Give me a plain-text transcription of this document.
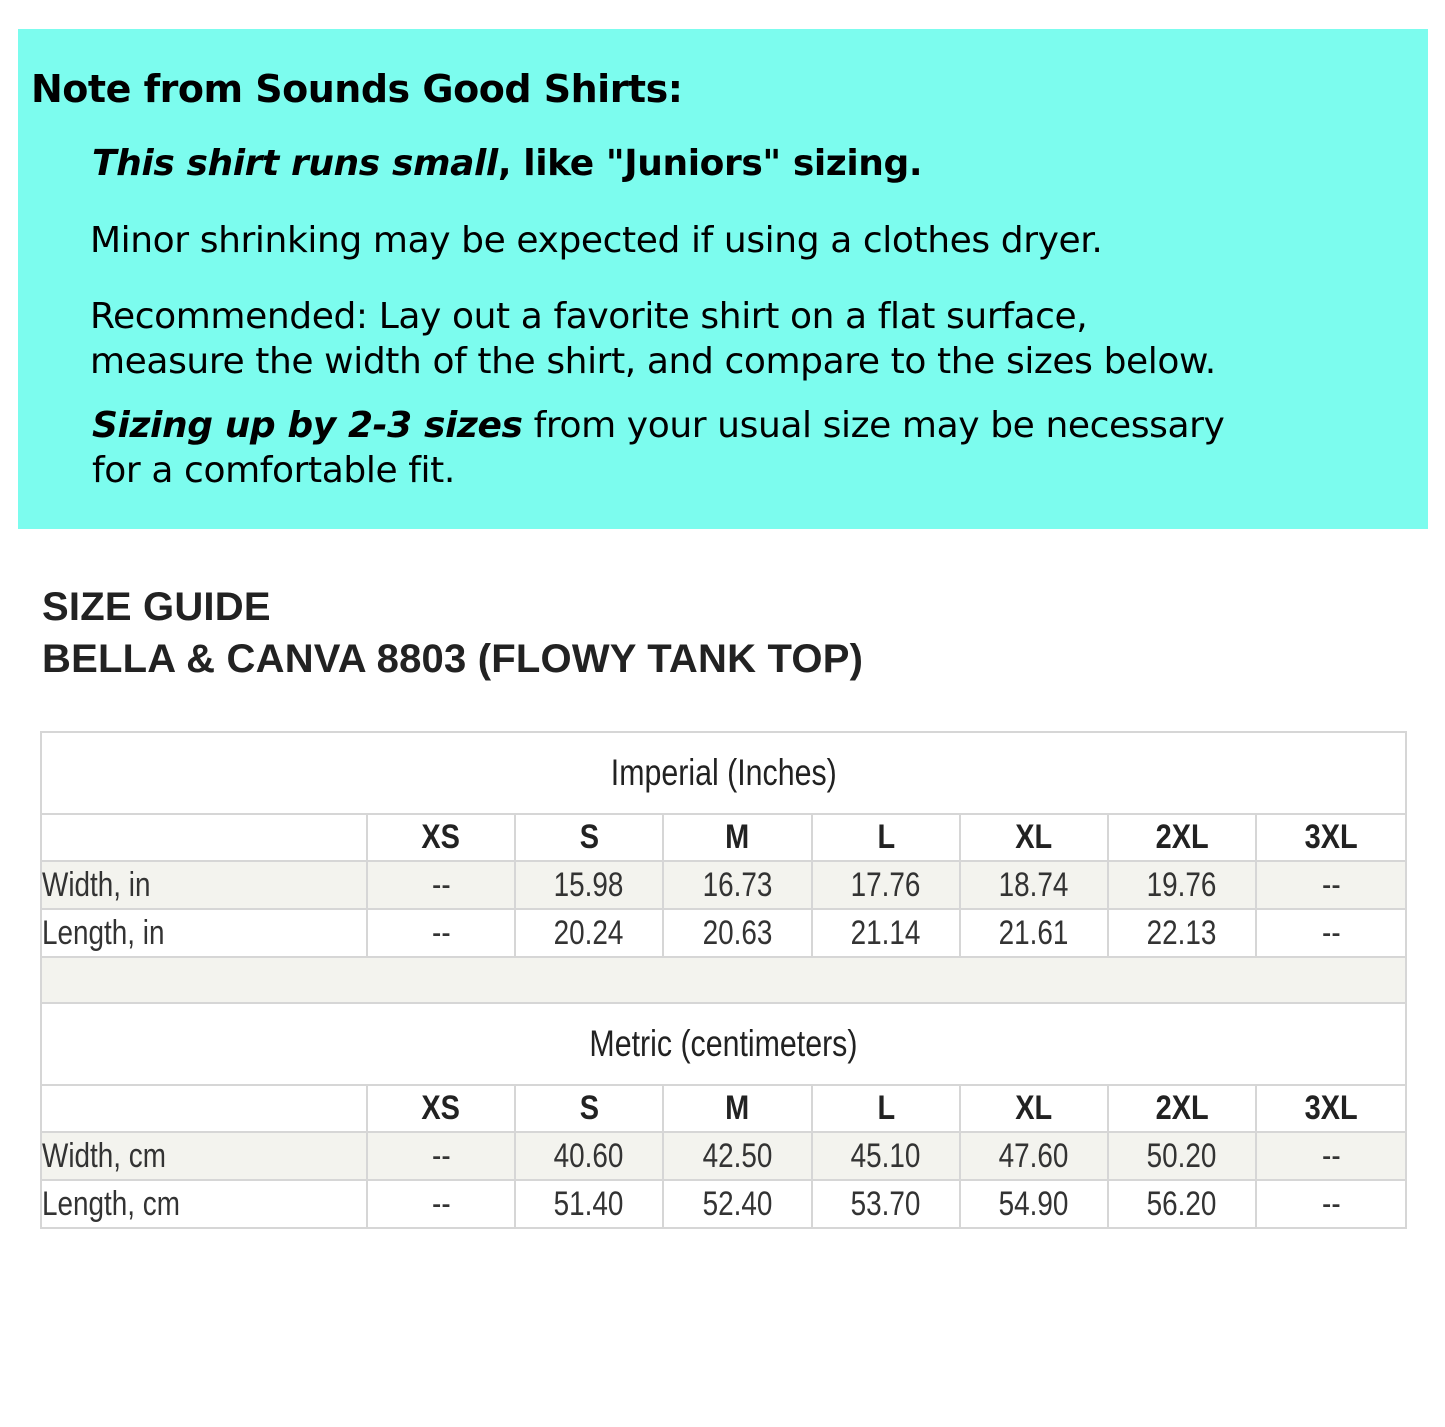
Note from Sounds Good Shirts:
This shirt runs small, like "Juniors" sizing.
Minor shrinking may be expected if using a clothes dryer.
Recommended: Lay out a favorite shirt on a flat surface,
measure the width of the shirt, and compare to the sizes below.
Sizing up by 2-3 sizes from your usual size may be necessary
for a comfortable fit.
SIZE GUIDE
BELLA & CANVA 8803 (FLOWY TANK TOP)
Imperial (Inches)							
	XS	S	M	L	XL	2XL	3XL
Width, in	--	15.98	16.73	17.76	18.74	19.76	--
Length, in	--	20.24	20.63	21.14	21.61	22.13	--

Metric (centimeters)							
	XS	S	M	L	XL	2XL	3XL
Width, cm	--	40.60	42.50	45.10	47.60	50.20	--
Length, cm	--	51.40	52.40	53.70	54.90	56.20	--
